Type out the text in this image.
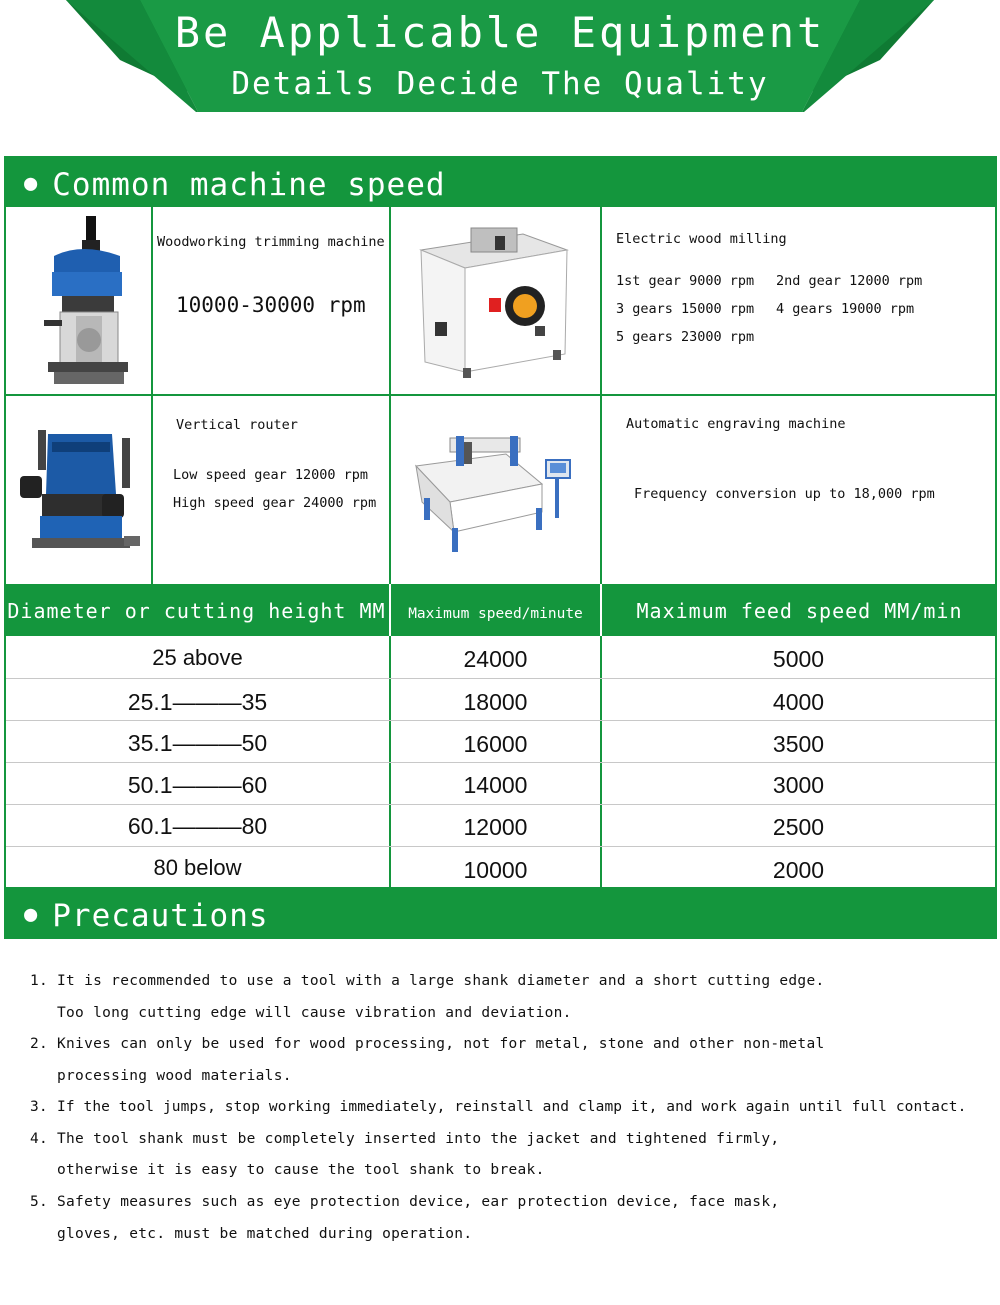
Be Applicable Equipment
Details Decide The Quality
● Common machine speed
Woodworking trimming machine
10000-30000 rpm
Electric wood milling
1st gear 9000 rpm 2nd gear 12000 rpm
3 gears 15000 rpm 4 gears 19000 rpm
5 gears 23000 rpm
Vertical router
Low speed gear 12000 rpm
High speed gear 24000 rpm
Automatic engraving machine
Frequency conversion up to 18,000 rpm
Diameter or cutting height MM	Maximum speed/minute	Maximum feed speed MM/min
25 above	24000	5000
25.1———35	18000	4000
35.1———50	16000	3500
50.1———60	14000	3000
60.1———80	12000	2500
80 below	10000	2000
● Precautions
1. It is recommended to use a tool with a large shank diameter and a short cutting edge.
Too long cutting edge will cause vibration and deviation.
2. Knives can only be used for wood processing, not for metal, stone and other non-metal
processing wood materials.
3. If the tool jumps, stop working immediately, reinstall and clamp it, and work again until full contact.
4. The tool shank must be completely inserted into the jacket and tightened firmly,
otherwise it is easy to cause the tool shank to break.
5. Safety measures such as eye protection device, ear protection device, face mask,
gloves, etc. must be matched during operation.
